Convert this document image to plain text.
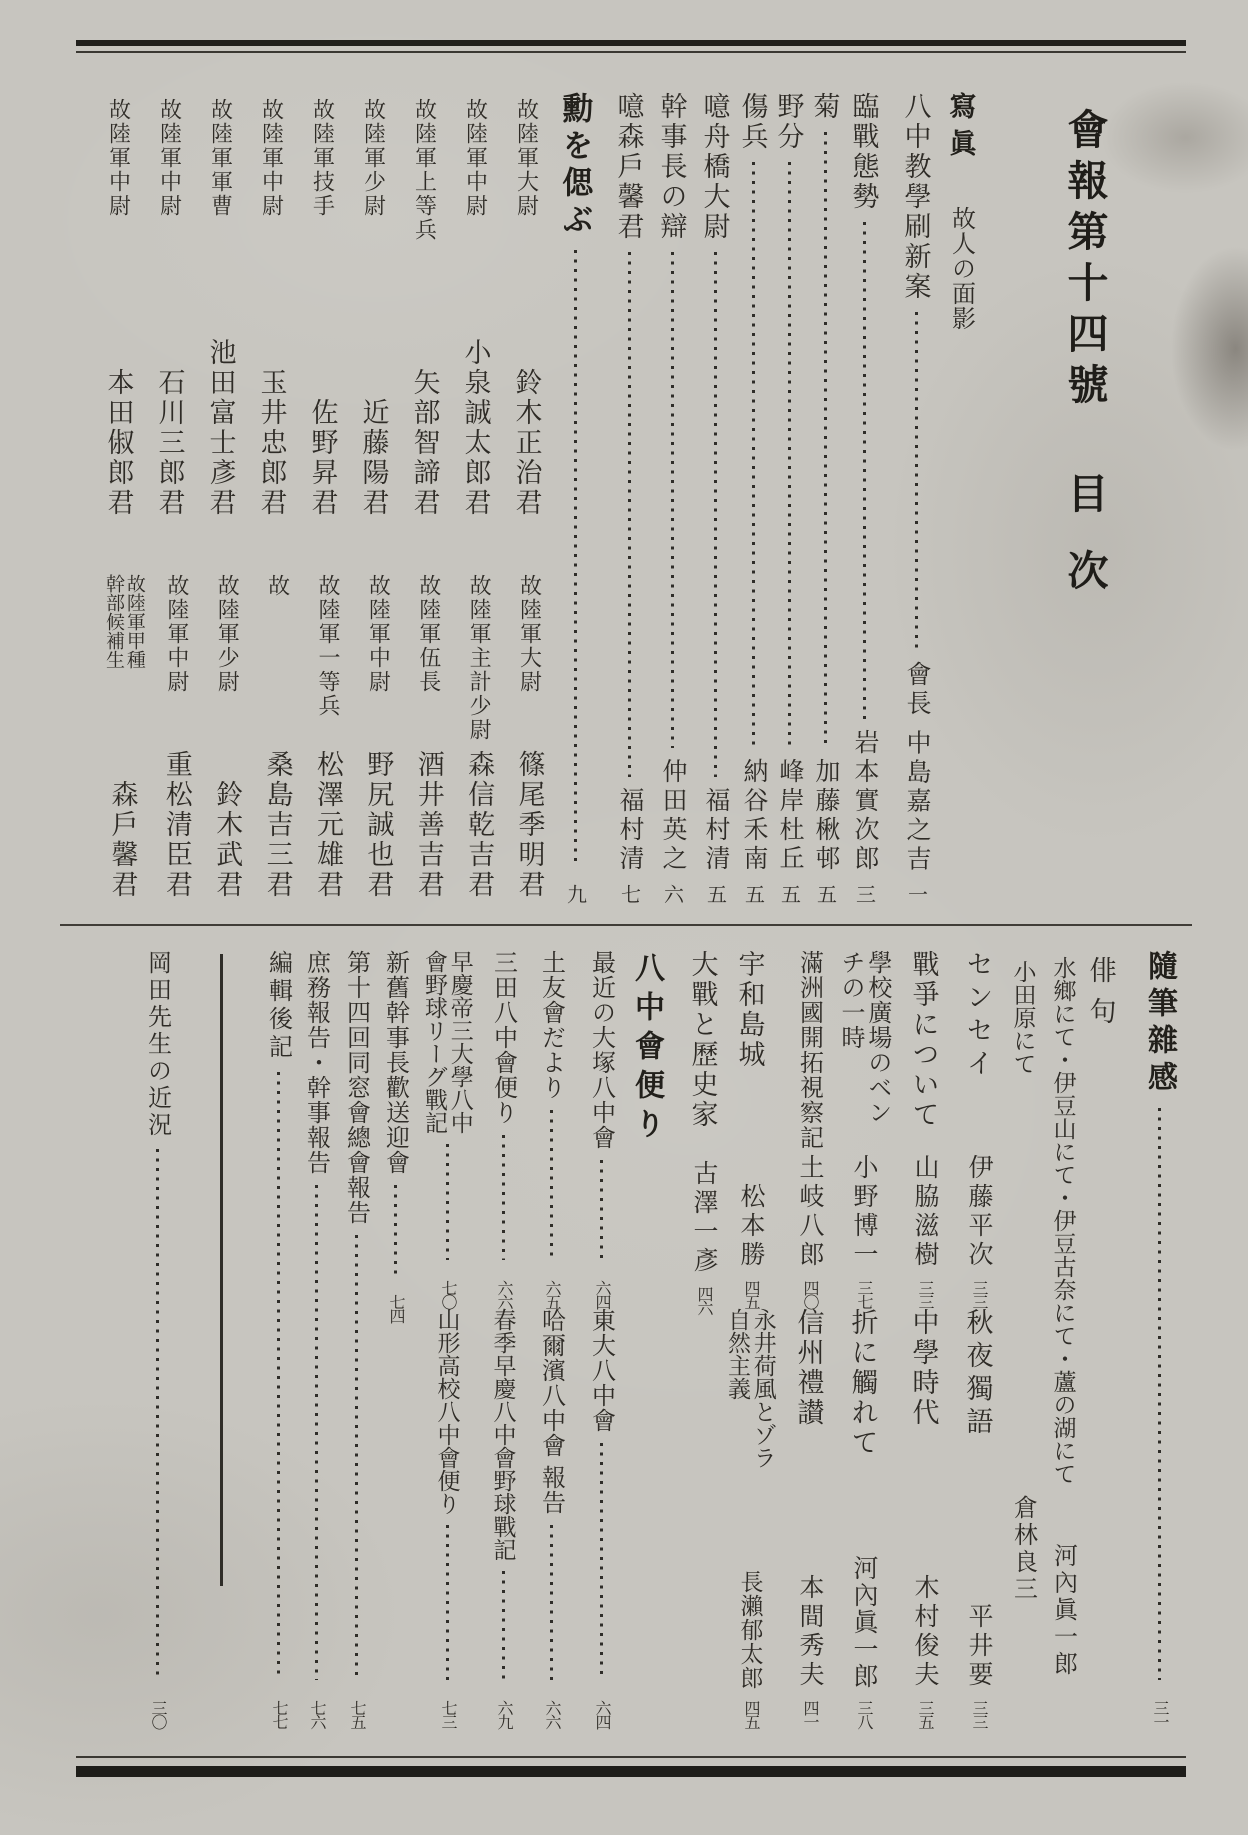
會報第十四號
目次
寫眞
故人の面影
八中教學刷新案
會長 中島嘉之吉
一
臨戰態勢
岩本實次郎
三
菊
加藤楸邨
五
野分
峰岸杜丘
五
傷兵
納谷禾南
五
噫舟橋大尉
福村清
五
幹事長の辯
仲田英之
六
噫森戶馨君
福村清
七
勳を偲ぶ
九
故陸軍大尉
鈴木正治君
故陸軍中尉
小泉誠太郎君
故陸軍上等兵
矢部智諦君
故陸軍少尉
近藤陽君
故陸軍技手
佐野昇君
故陸軍中尉
玉井忠郎君
故陸軍軍曹
池田富士彥君
故陸軍中尉
石川三郎君
故陸軍中尉
本田俶郎君
故陸軍大尉
篠尾季明君
故陸軍主計少尉
森信乾吉君
故陸軍伍長
酒井善吉君
故陸軍中尉
野尻誠也君
故陸軍一等兵
松澤元雄君
故
桑島吉三君
故陸軍少尉
鈴木武君
故陸軍中尉
重松清臣君
故陸軍甲種
幹部候補生
森戶馨君
隨筆雜感
三一
俳句
水鄉にて・伊豆山にて・伊豆古奈にて・蘆の湖にて
河內眞一郎
小田原にて
倉林良三
センセイ
伊藤平次
三三
秋夜獨語
平井要
三三
戰爭について
山脇滋樹
三三
中學時代
木村俊夫
三五
學校廣場のベン
チの一時
小野博一
三七
折に觸れて
河內眞一郎
三八
滿洲國開拓視察記
土岐八郎
四〇
信州禮讃
本間秀夫
四一
宇和島城
松本勝
四五
永井荷風とゾラ
自然主義
長瀨郁太郎
四五
大戰と歷史家
古澤一彥
四六
八中會便り
最近の大塚八中會
六四
東大八中會
六四
土友會だより
六五
哈爾濱八中會 報告
六六
三田八中會便り
六六
春季早慶八中會野球戰記
六九
早慶帝三大學八中
會野球リーグ戰記
七〇
山形高校八中會便り
七三
新舊幹事長歡送迎會
七四
第十四回同窓會總會報告
七五
庶務報告・幹事報告
七六
編輯後記
七七
岡田先生の近況
三〇
